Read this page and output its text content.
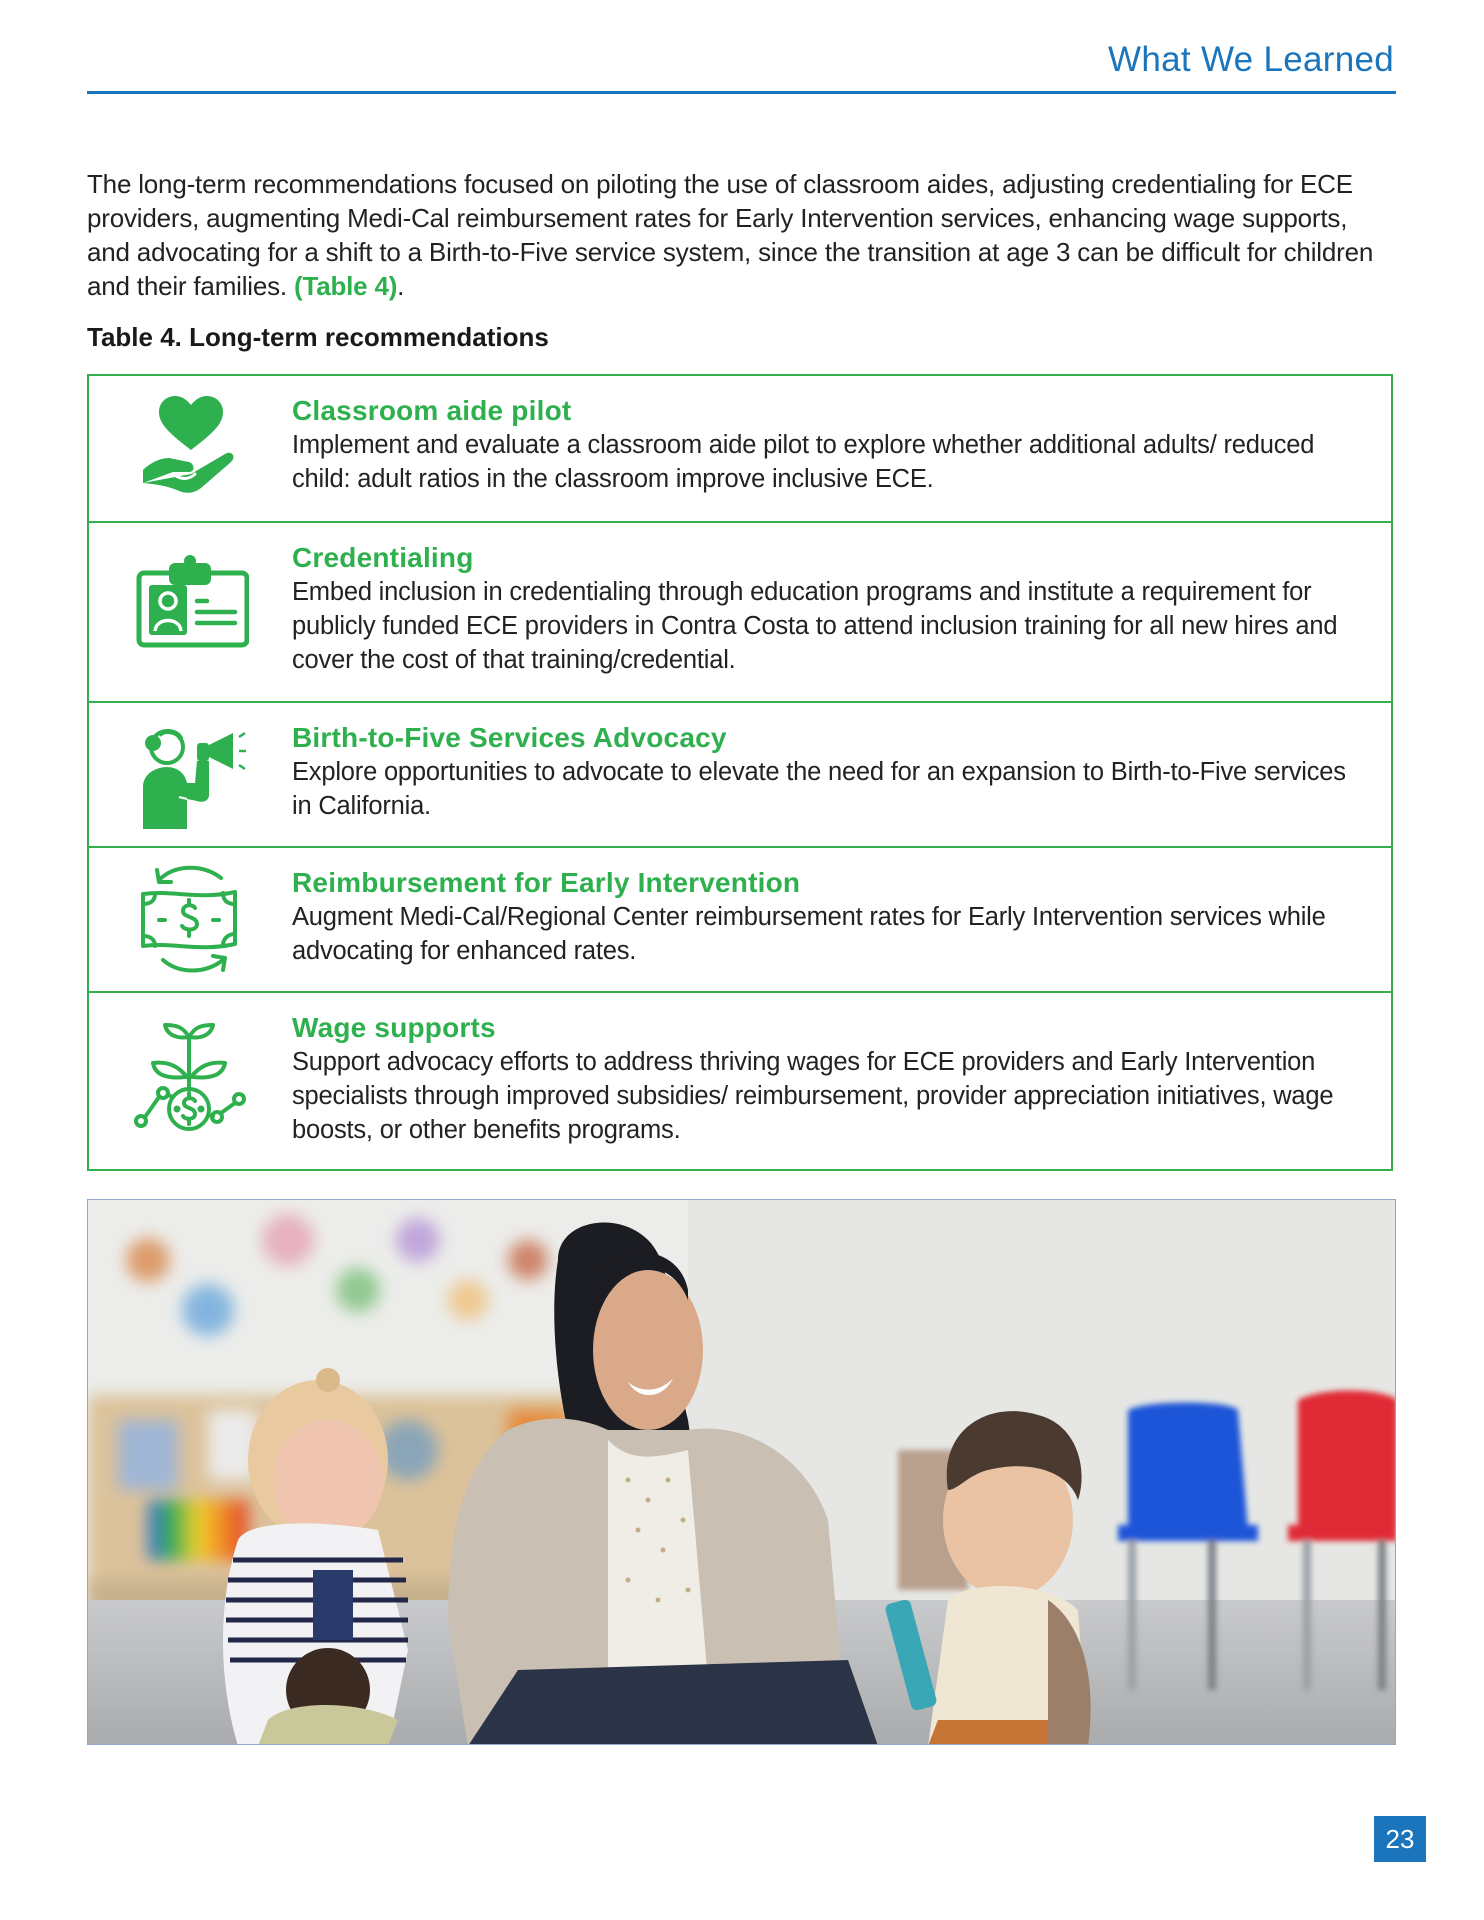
What We Learned

The long-term recommendations focused on piloting the use of classroom aides, adjusting credentialing for ECE providers, augmenting Medi-Cal reimbursement rates for Early Intervention services, enhancing wage supports, and advocating for a shift to a Birth-to-Five service system, since the transition at age 3 can be difficult for children and their families. (Table 4).

Table 4. Long-term recommendations
Classroom aide pilot
Implement and evaluate a classroom aide pilot to explore whether additional adults/ reduced child: adult ratios in the classroom improve inclusive ECE.
Credentialing
Embed inclusion in credentialing through education programs and institute a requirement for publicly funded ECE providers in Contra Costa to attend inclusion training for all new hires and cover the cost of that training/credential.
Birth-to-Five Services Advocacy
Explore opportunities to advocate to elevate the need for an expansion to Birth-to-Five services in California.
Reimbursement for Early Intervention
Augment Medi-Cal/Regional Center reimbursement rates for Early Intervention services while advocating for enhanced rates.
Wage supports
Support advocacy efforts to address thriving wages for ECE providers and Early Intervention specialists through improved subsidies/ reimbursement, provider appreciation initiatives, wage boosts, or other benefits programs.
23
